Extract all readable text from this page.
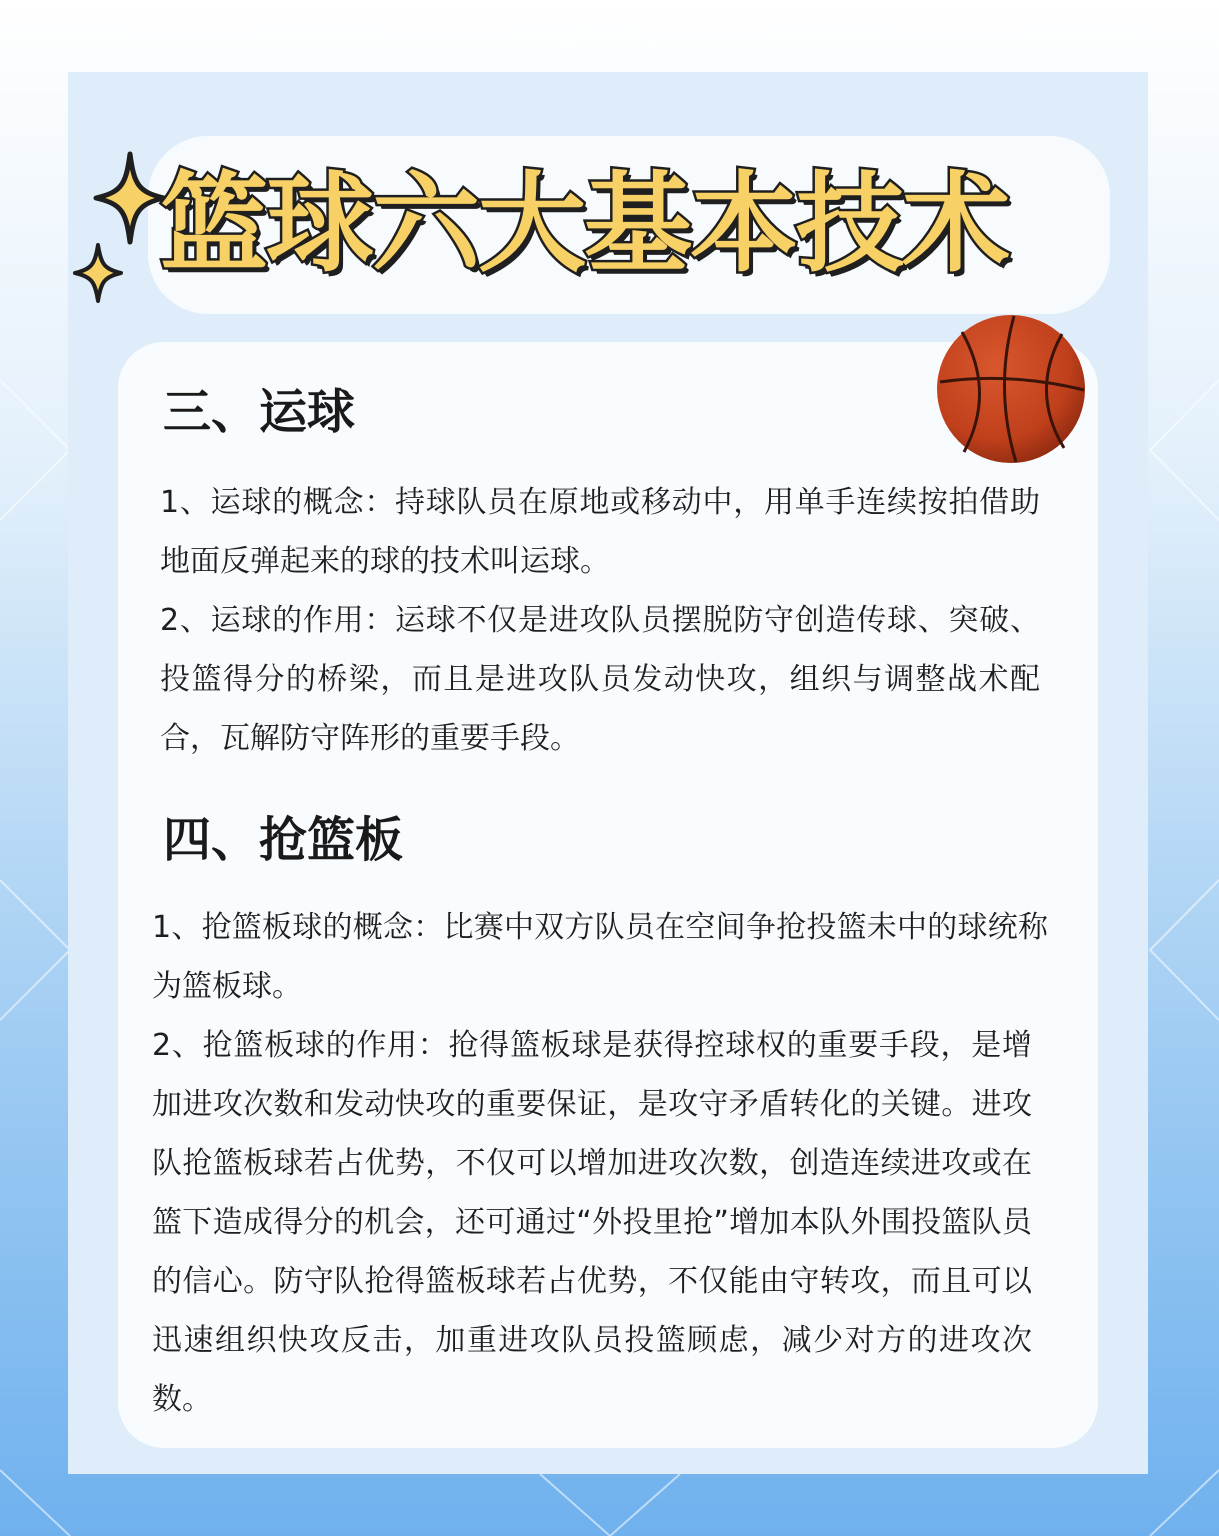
篮球六大基本技术
三、运球

1、运球的概念：持球队员在原地或移动中，用单手连续按拍借助地面反弹起来的球的技术叫运球。

2、运球的作用：运球不仅是进攻队员摆脱防守创造传球、突破、投篮得分的桥梁，而且是进攻队员发动快攻，组织与调整战术配合，瓦解防守阵形的重要手段。

四、抢篮板

1、抢篮板球的概念：比赛中双方队员在空间争抢投篮未中的球统称为篮板球。

2、抢篮板球的作用：抢得篮板球是获得控球权的重要手段，是增加进攻次数和发动快攻的重要保证，是攻守矛盾转化的关键。进攻队抢篮板球若占优势，不仅可以增加进攻次数，创造连续进攻或在篮下造成得分的机会，还可通过“外投里抢”增加本队外围投篮队员的信心。防守队抢得篮板球若占优势，不仅能由守转攻，而且可以迅速组织快攻反击，加重进攻队员投篮顾虑，减少对方的进攻次数。
